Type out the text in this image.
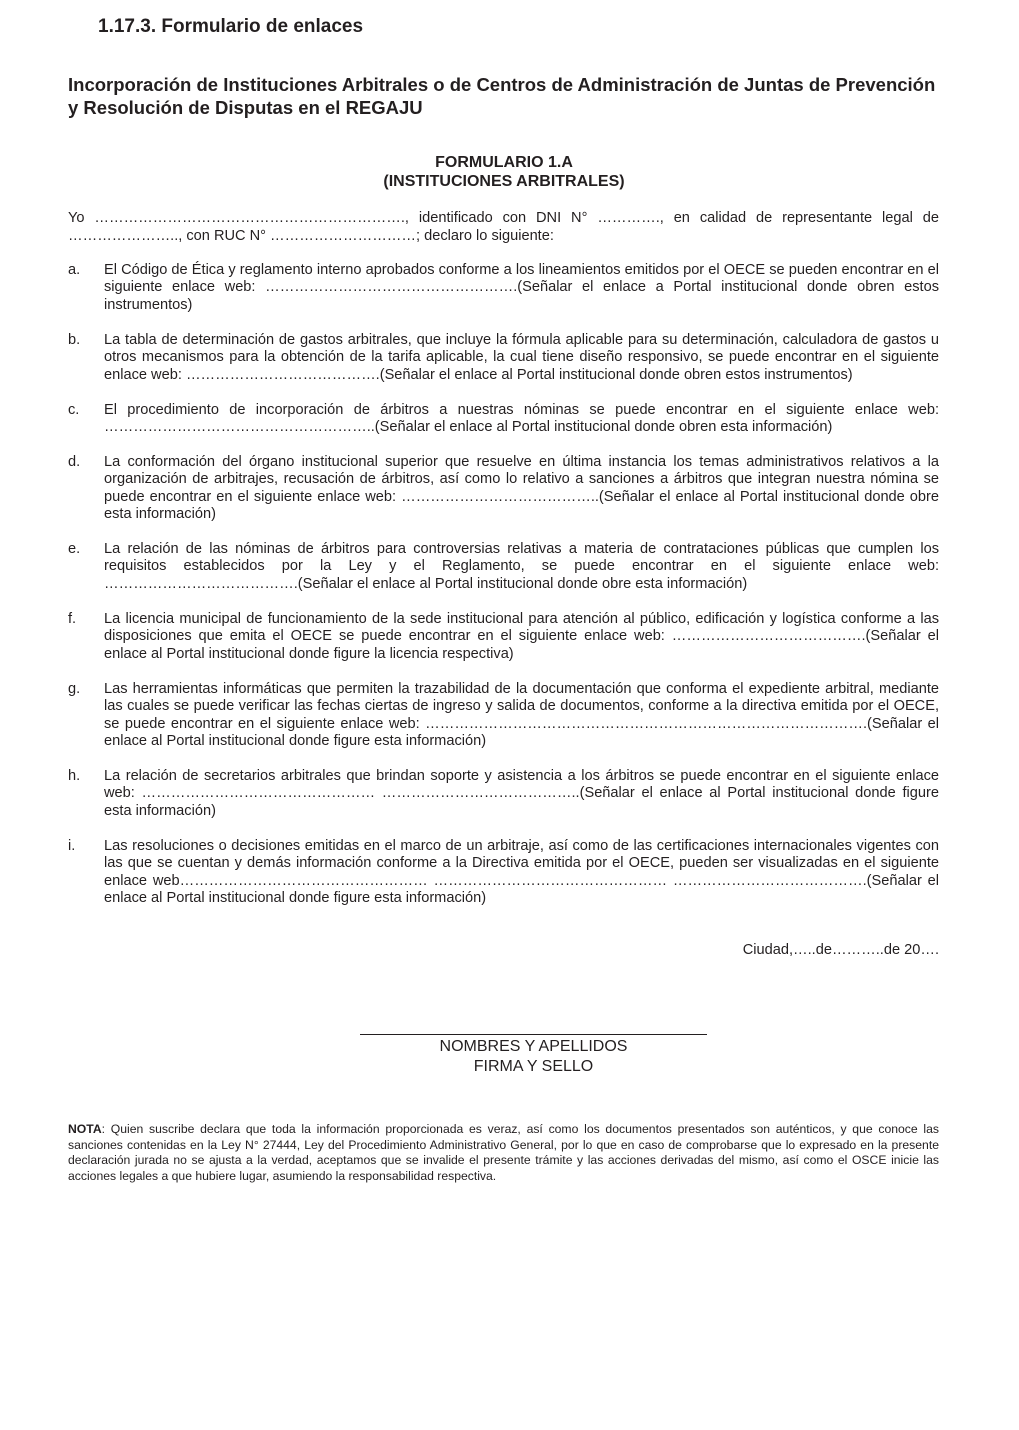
1.17.3. Formulario de enlaces
Incorporación de Instituciones Arbitrales o de Centros de Administración de Juntas de Prevención y Resolución de Disputas en el REGAJU
FORMULARIO 1.A
(INSTITUCIONES ARBITRALES)

Yo ………………………………………………………., identificado con DNI N° …………., en calidad de representante legal de ………………….., con RUC N° …………………………; declaro lo siguiente:

a.	El Código de Ética y reglamento interno aprobados conforme a los lineamientos emitidos por el OECE se pueden encontrar en el siguiente enlace web: …………………………………………….(Señalar el enlace a Portal institucional donde obren estos instrumentos)
b.	La tabla de determinación de gastos arbitrales, que incluye la fórmula aplicable para su determinación, calculadora de gastos u otros mecanismos para la obtención de la tarifa aplicable, la cual tiene diseño responsivo, se puede encontrar en el siguiente enlace web: ………………………………….(Señalar el enlace al Portal institucional donde obren estos instrumentos)
c.	El procedimiento de incorporación de árbitros a nuestras nóminas se puede encontrar en el siguiente enlace web: ………………………………………………..(Señalar el enlace al Portal institucional donde obren esta información)
d.	La conformación del órgano institucional superior que resuelve en última instancia los temas administrativos relativos a la organización de arbitrajes, recusación de árbitros, así como lo relativo a sanciones a árbitros que integran nuestra nómina se puede encontrar en el siguiente enlace web: …………………………………..(Señalar el enlace al Portal institucional donde obre esta información)
e.	La relación de las nóminas de árbitros para controversias relativas a materia de contrataciones públicas que cumplen los requisitos establecidos por la Ley y el Reglamento, se puede encontrar en el siguiente enlace web: ………………………………….(Señalar el enlace al Portal institucional donde obre esta información)
f.	La licencia municipal de funcionamiento de la sede institucional para atención al público, edificación y logística conforme a las disposiciones que emita el OECE se puede encontrar en el siguiente enlace web: ………………………………….(Señalar el enlace al Portal institucional donde figure la licencia respectiva)
g.	Las herramientas informáticas que permiten la trazabilidad de la documentación que conforma el expediente arbitral, mediante las cuales se puede verificar las fechas ciertas de ingreso y salida de documentos, conforme a la directiva emitida por el OECE, se puede encontrar en el siguiente enlace web: ……………………………………………………………………………….(Señalar el enlace al Portal institucional donde figure esta información)
h.	La relación de secretarios arbitrales que brindan soporte y asistencia a los árbitros se puede encontrar en el siguiente enlace web: ………………………………………… …………………………………..(Señalar el enlace al Portal institucional donde figure esta información)
i.	Las resoluciones o decisiones emitidas en el marco de un arbitraje, así como de las certificaciones internacionales vigentes con las que se cuentan y demás información conforme a la Directiva emitida por el OECE, pueden ser visualizadas en el siguiente enlace web…………………………………………… ………………………………………… ………………………………….(Señalar el enlace al Portal institucional donde figure esta información)
Ciudad,…..de………..de 20….
NOMBRES Y APELLIDOS
FIRMA Y SELLO

NOTA: Quien suscribe declara que toda la información proporcionada es veraz, así como los documentos presentados son auténticos, y que conoce las sanciones contenidas en la Ley N° 27444, Ley del Procedimiento Administrativo General, por lo que en caso de comprobarse que lo expresado en la presente declaración jurada no se ajusta a la verdad, aceptamos que se invalide el presente trámite y las acciones derivadas del mismo, así como el OSCE inicie las acciones legales a que hubiere lugar, asumiendo la responsabilidad respectiva.
